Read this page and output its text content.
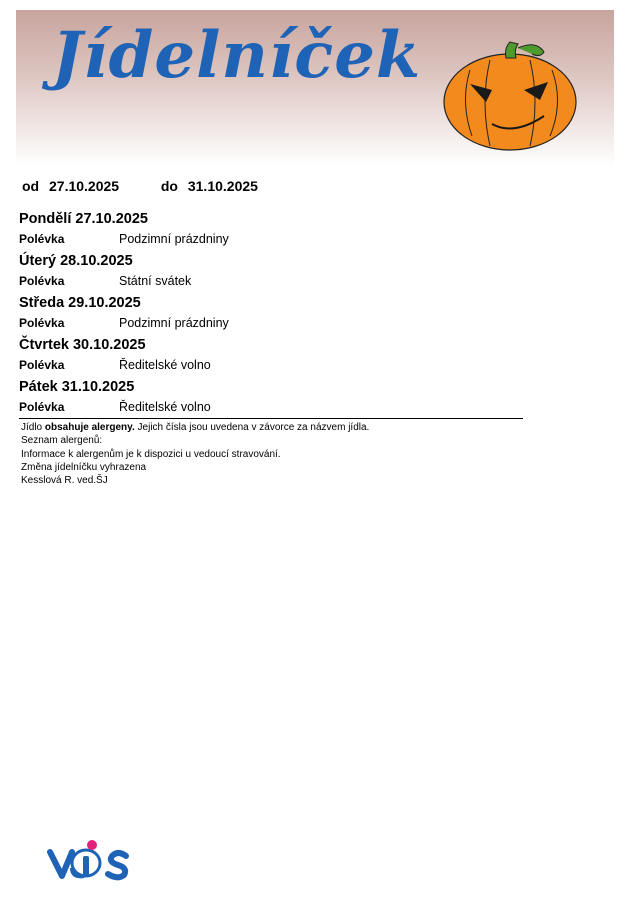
Jídelníček
od 27.10.2025	do 31.10.2025
Pondělí 27.10.2025
Polévka	Podzimní prázdniny
Úterý 28.10.2025
Polévka	Státní svátek
Středa 29.10.2025
Polévka	Podzimní prázdniny
Čtvrtek 30.10.2025
Polévka	Ředitelské volno
Pátek 31.10.2025
Polévka	Ředitelské volno
Jídlo obsahuje alergeny. Jejich čísla jsou uvedena v závorce za názvem jídla.
Seznam alergenů:
Informace k alergenům je k dispozici u vedoucí stravování.
Změna jídelníčku vyhrazena
Kesslová R. ved.ŠJ
